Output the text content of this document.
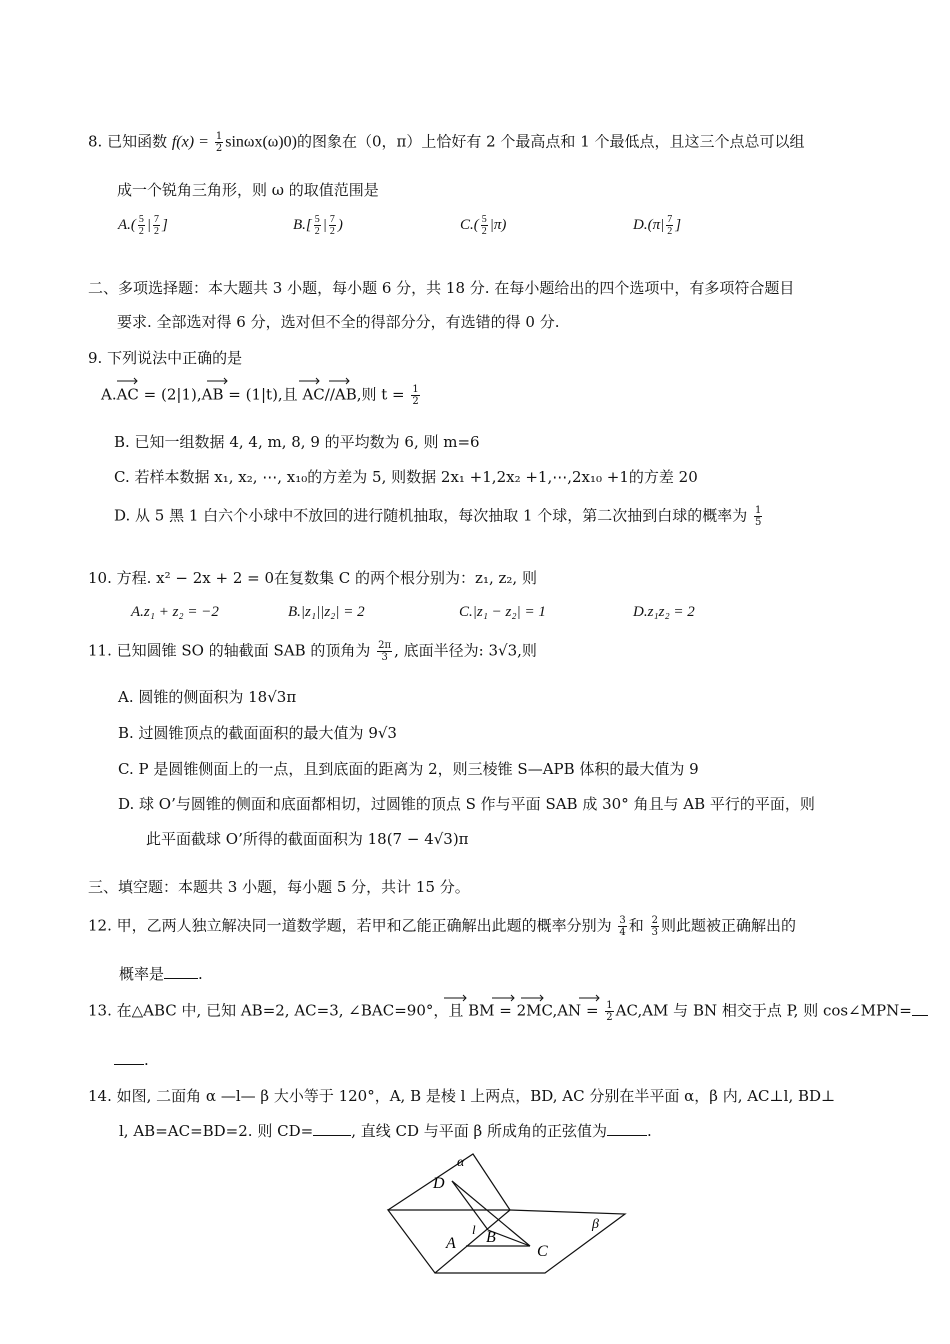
8. 已知函数 $f(x) = \frac{1}{2} \sin\omega x(\omega)0$)的图象在（0，π）上恰好有 2 个最高点和 1 个最低点，且这三个点总可以组
成一个锐角三角形，则 ω 的取值范围是
$A.( \frac{5}{2}$ | $\frac{7}{2}$ ]	$B.[ \frac{5}{2}$ | $\frac{7}{2}$ )	$C.( \frac{5}{2} |\pi)$	$D.(\pi| \frac{7}{2}$ ]
二、多项选择题：本大题共 3 小题，每小题 6 分，共 18 分. 在每小题给出的四个选项中，有多项符合题目
要求. 全部选对得 6 分，选对但不全的得部分分，有选错的得 0 分.
9. 下列说法中正确的是
A.AC = (2|1),AB = (1|t),且 AC//AB,则 $t = \frac{1}{2}$
B. 已知一组数据 4, 4, m, 8, 9 的平均数为 6, 则 m=6
C. 若样本数据 x₁, x₂, ⋯, x₁₀的方差为 5, 则数据 2x₁ +1,2x₂ +1,⋯,2x₁₀ +1的方差 20
D. 从 5 黑 1 白六个小球中不放回的进行随机抽取，每次抽取 1 个球，第二次抽到白球的概率为 $\frac{1}{5}$
10. 方程. x² − 2x + 2 = 0在复数集 C 的两个根分别为：z₁, z₂, 则
A.z₁ + z₂ = −2	B.|z₁||z₂| = 2	C.|z₁ − z₂| = 1	D.z₁z₂ = 2
11. 已知圆锥 SO 的轴截面 SAB 的顶角为 $\frac{2\pi}{3}$ , 底面半径为: 3√3,则
A. 圆锥的侧面积为 18√3π
B. 过圆锥顶点的截面面积的最大值为 9√3
C. P 是圆锥侧面上的一点，且到底面的距离为 2，则三棱锥 S—APB 体积的最大值为 9
D. 球 O’与圆锥的侧面和底面都相切，过圆锥的顶点 S 作与平面 SAB 成 30° 角且与 AB 平行的平面，则
此平面截球 O’所得的截面面积为 18(7 − 4√3)π
三、填空题：本题共 3 小题，每小题 5 分，共计 15 分。
12. 甲，乙两人独立解决同一道数学题，若甲和乙能正确解出此题的概率分别为 $\frac{3}{4}$ 和 $\frac{2}{3}$ 则此题被正确解出的
概率是 .
13. 在△ABC 中, 已知 AB=2, AC=3, ∠BAC=90°，且 BM = $2MC,AN = \frac{1}{2} AC,AM$ 与 BN 相交于点 P, 则 cos∠MPN=
.
14. 如图, 二面角 α —l— β 大小等于 120°，A, B 是棱 l 上两点，BD, AC 分别在半平面 α，β 内, AC⊥l, BD⊥
l, AB=AC=BD=2. 则 CD=	, 直线 CD 与平面 β 所成角的正弦值为	.
α
β
D
l
A B
C
